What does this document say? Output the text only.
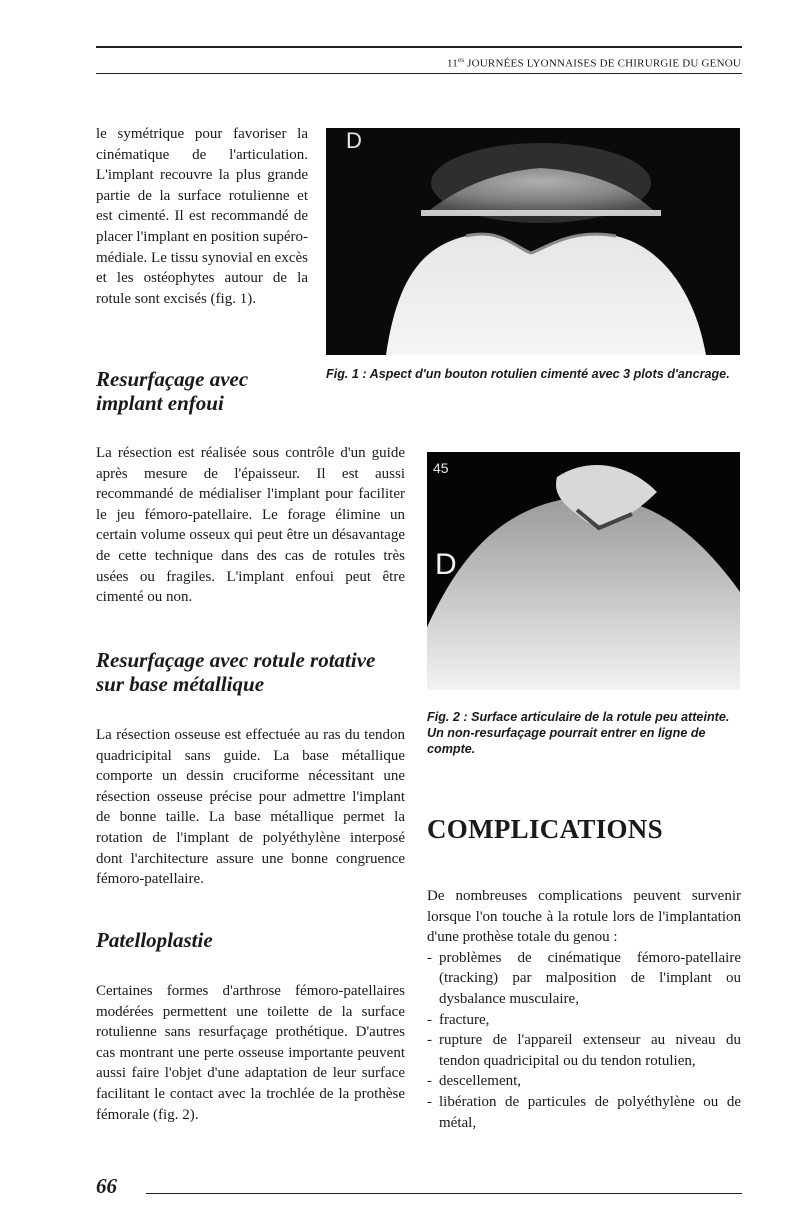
$11^{es}$ JOURNÉES LYONNAISES DE CHIRURGIE DU GENOU

le symétrique pour favoriser la cinématique de l'articulation. L'implant recouvre la plus grande partie de la surface rotulienne et est cimenté. Il est recommandé de placer l'implant en position supéro-médiale. Le tissu synovial en excès et les ostéophytes autour de la rotule sont excisés (fig. 1).

D
Resurfaçage avec implant enfoui
Fig. 1 : Aspect d'un bouton rotulien cimenté avec 3 plots d'ancrage.

La résection est réalisée sous contrôle d'un guide après mesure de l'épaisseur. Il est aussi recommandé de médialiser l'implant pour faciliter le jeu fémoro-patellaire. Le forage élimine un certain volume osseux qui peut être un désavantage de cette technique dans des cas de rotules très usées ou fragiles. L'implant enfoui peut être cimenté ou non.

45
D
Resurfaçage avec rotule rotative sur base métallique
Fig. 2 : Surface articulaire de la rotule peu atteinte. Un non-resurfaçage pourrait entrer en ligne de compte.

La résection osseuse est effectuée au ras du tendon quadricipital sans guide. La base métallique comporte un dessin cruciforme nécessitant une résection osseuse précise pour admettre l'implant de bonne taille. La base métallique permet la rotation de l'implant de polyéthylène interposé dont l'architecture assure une bonne congruence fémoro-patellaire.

COMPLICATIONS

De nombreuses complications peuvent survenir lorsque l'on touche à la rotule lors de l'implantation d'une prothèse totale du genou :

- problèmes de cinématique fémoro-patellaire (tracking) par malposition de l'implant ou dysbalance musculaire,
- fracture,
- rupture de l'appareil extenseur au niveau du tendon quadricipital ou du tendon rotulien,
- descellement,
- libération de particules de polyéthylène ou de métal,
Patelloplastie

Certaines formes d'arthrose fémoro-patellaires modérées permettent une toilette de la surface rotulienne sans resurfaçage prothétique. D'autres cas montrant une perte osseuse importante peuvent aussi faire l'objet d'une adaptation de leur surface facilitant le contact avec la trochlée de la prothèse fémorale (fig. 2).

66
